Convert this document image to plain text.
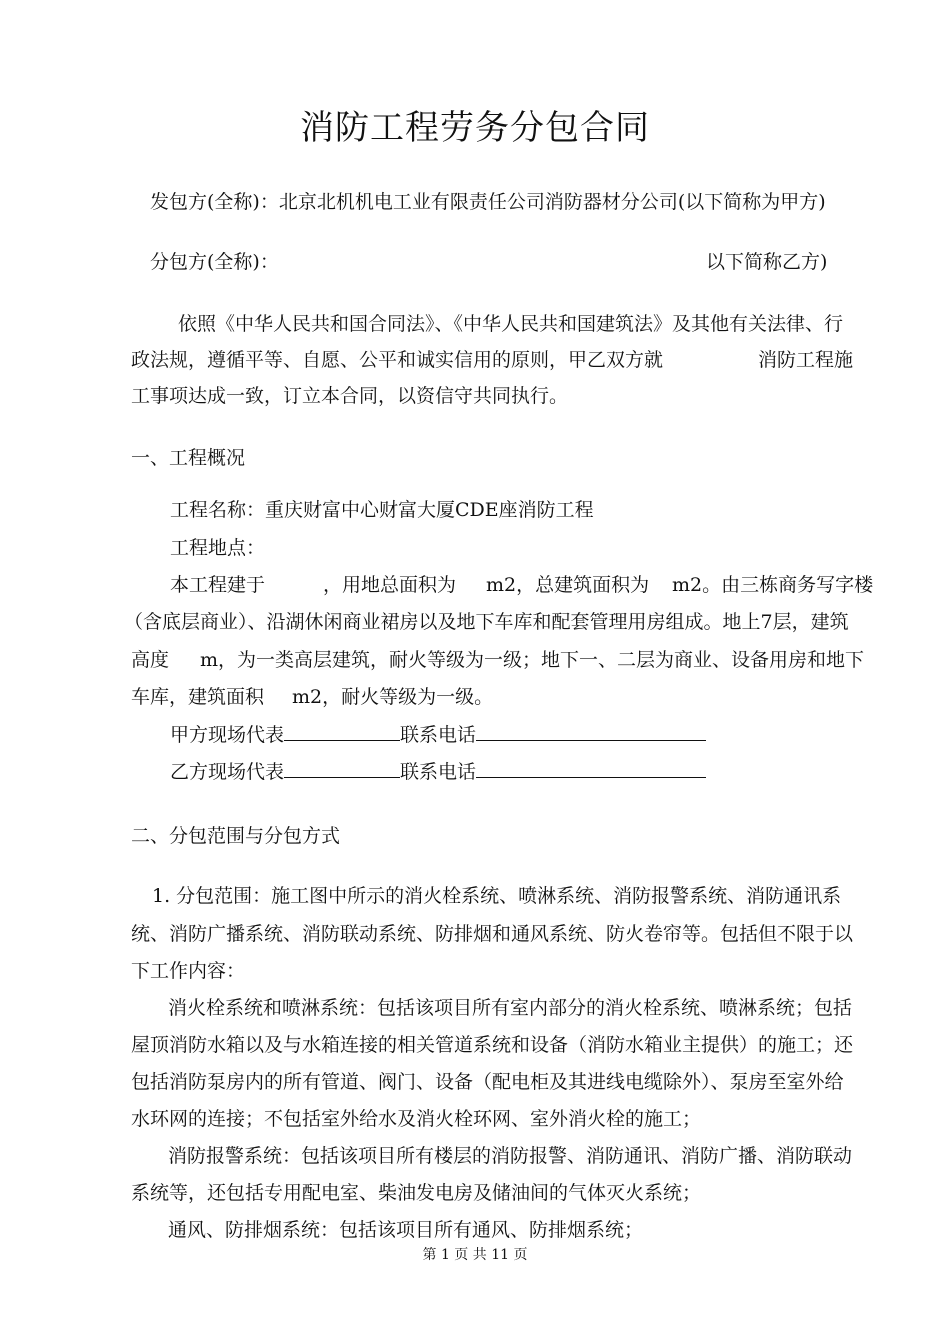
消防工程劳务分包合同
发包方(全称)：北京北机机电工业有限责任公司消防器材分公司(以下简称为甲方)
分包方(全称)：	以下简称乙方)
依照《中华人民共和国合同法》、《中华人民共和国建筑法》及其他有关法律、行
政法规，遵循平等、自愿、公平和诚实信用的原则，甲乙双方就	消防工程施
工事项达成一致，订立本合同，以资信守共同执行。
一、工程概况
工程名称：重庆财富中心财富大厦CDE座消防工程
工程地点：
本工程建于	，用地总面积为 m2，总建筑面积为 m2。由三栋商务写字楼
（含底层商业）、沿湖休闲商业裙房以及地下车库和配套管理用房组成。地上7层，建筑
高度 m，为一类高层建筑，耐火等级为一级；地下一、二层为商业、设备用房和地下
车库，建筑面积 m2，耐火等级为一级。
甲方现场代表	联系电话
乙方现场代表	联系电话
二、分包范围与分包方式
1. 分包范围：施工图中所示的消火栓系统、喷淋系统、消防报警系统、消防通讯系
统、消防广播系统、消防联动系统、防排烟和通风系统、防火卷帘等。包括但不限于以
下工作内容：
消火栓系统和喷淋系统：包括该项目所有室内部分的消火栓系统、喷淋系统；包括
屋顶消防水箱以及与水箱连接的相关管道系统和设备（消防水箱业主提供）的施工；还
包括消防泵房内的所有管道、阀门、设备（配电柜及其进线电缆除外）、泵房至室外给
水环网的连接；不包括室外给水及消火栓环网、室外消火栓的施工；
消防报警系统：包括该项目所有楼层的消防报警、消防通讯、消防广播、消防联动
系统等，还包括专用配电室、柴油发电房及储油间的气体灭火系统；
通风、防排烟系统：包括该项目所有通风、防排烟系统；
第 1 页 共 11 页
